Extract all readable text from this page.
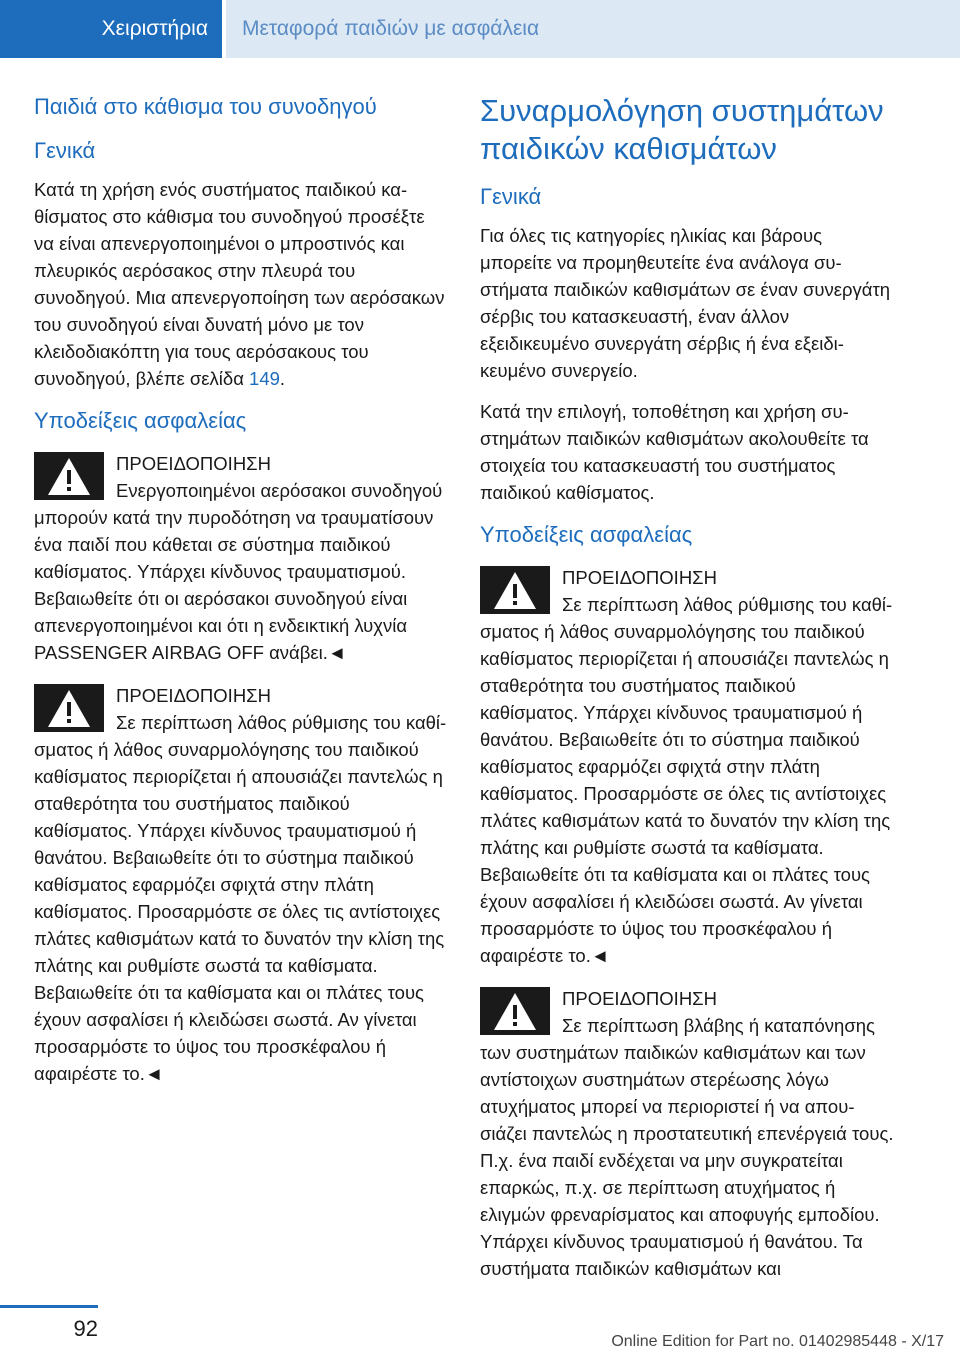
Χειριστήρια	Μεταφορά παιδιών με ασφάλεια
Παιδιά στο κάθισμα του συνοδηγού
Γενικά

Κατά τη χρήση ενός συστήματος παιδικού καθίσματος στο κάθισμα του συνοδηγού προσέξτε να είναι απενεργοποιημένοι ο μπροστινός και πλευρικός αερόσακος στην πλευρά του συνοδηγού. Μια απενεργοποίηση των αερόσακων του συνοδηγού είναι δυνατή μόνο με τον κλειδοδιακόπτη για τους αερόσακους του συνοδηγού, βλέπε σελίδα 149.

Υποδείξεις ασφαλείας
ΠΡΟΕΙΔΟΠΟΙΗΣΗ

Ενεργοποιημένοι αερόσακοι συνοδηγού μπορούν κατά την πυροδότηση να τραυματίσουν ένα παιδί που κάθεται σε σύστημα παιδικού καθίσματος. Υπάρχει κίνδυνος τραυματισμού. Βεβαιωθείτε ότι οι αερόσακοι συνοδηγού είναι απενεργοποιημένοι και ότι η ενδεικτική λυχνία PASSENGER AIRBAG OFF ανάβει.◄

ΠΡΟΕΙΔΟΠΟΙΗΣΗ

Σε περίπτωση λάθος ρύθμισης του καθίσματος ή λάθος συναρμολόγησης του παιδικού καθίσματος περιορίζεται ή απουσιάζει παντελώς η σταθερότητα του συστήματος παιδικού καθίσματος. Υπάρχει κίνδυνος τραυματισμού ή θανάτου. Βεβαιωθείτε ότι το σύστημα παιδικού καθίσματος εφαρμόζει σφιχτά στην πλάτη καθίσματος. Προσαρμόστε σε όλες τις αντίστοιχες πλάτες καθισμάτων κατά το δυνατόν την κλίση της πλάτης και ρυθμίστε σωστά τα καθίσματα. Βεβαιωθείτε ότι τα καθίσματα και οι πλάτες τους έχουν ασφαλίσει ή κλειδώσει σωστά. Αν γίνεται προσαρμόστε το ύψος του προσκέφαλου ή αφαιρέστε το.◄

Συναρμολόγηση συστημάτων παιδικών καθισμάτων
Γενικά

Για όλες τις κατηγορίες ηλικίας και βάρους μπορείτε να προμηθευτείτε ένα ανάλογα συστήματα παιδικών καθισμάτων σε έναν συνεργάτη σέρβις του κατασκευαστή, έναν άλλον εξειδικευμένο συνεργάτη σέρβις ή ένα εξειδικευμένο συνεργείο.

Κατά την επιλογή, τοποθέτηση και χρήση συστημάτων παιδικών καθισμάτων ακολουθείτε τα στοιχεία του κατασκευαστή του συστήματος παιδικού καθίσματος.

Υποδείξεις ασφαλείας
ΠΡΟΕΙΔΟΠΟΙΗΣΗ

Σε περίπτωση λάθος ρύθμισης του καθίσματος ή λάθος συναρμολόγησης του παιδικού καθίσματος περιορίζεται ή απουσιάζει παντελώς η σταθερότητα του συστήματος παιδικού καθίσματος. Υπάρχει κίνδυνος τραυματισμού ή θανάτου. Βεβαιωθείτε ότι το σύστημα παιδικού καθίσματος εφαρμόζει σφιχτά στην πλάτη καθίσματος. Προσαρμόστε σε όλες τις αντίστοιχες πλάτες καθισμάτων κατά το δυνατόν την κλίση της πλάτης και ρυθμίστε σωστά τα καθίσματα. Βεβαιωθείτε ότι τα καθίσματα και οι πλάτες τους έχουν ασφαλίσει ή κλειδώσει σωστά. Αν γίνεται προσαρμόστε το ύψος του προσκέφαλου ή αφαιρέστε το.◄

ΠΡΟΕΙΔΟΠΟΙΗΣΗ

Σε περίπτωση βλάβης ή καταπόνησης των συστημάτων παιδικών καθισμάτων και των αντίστοιχων συστημάτων στερέωσης λόγω ατυχήματος μπορεί να περιοριστεί ή να απουσιάζει παντελώς η προστατευτική επενέργειά τους. Π.χ. ένα παιδί ενδέχεται να μην συγκρατείται επαρκώς, π.χ. σε περίπτωση ατυχήματος ή ελιγμών φρεναρίσματος και αποφυγής εμποδίου. Υπάρχει κίνδυνος τραυματισμού ή θανάτου. Τα συστήματα παιδικών καθισμάτων και

92
Online Edition for Part no. 01402985448 - X/17
